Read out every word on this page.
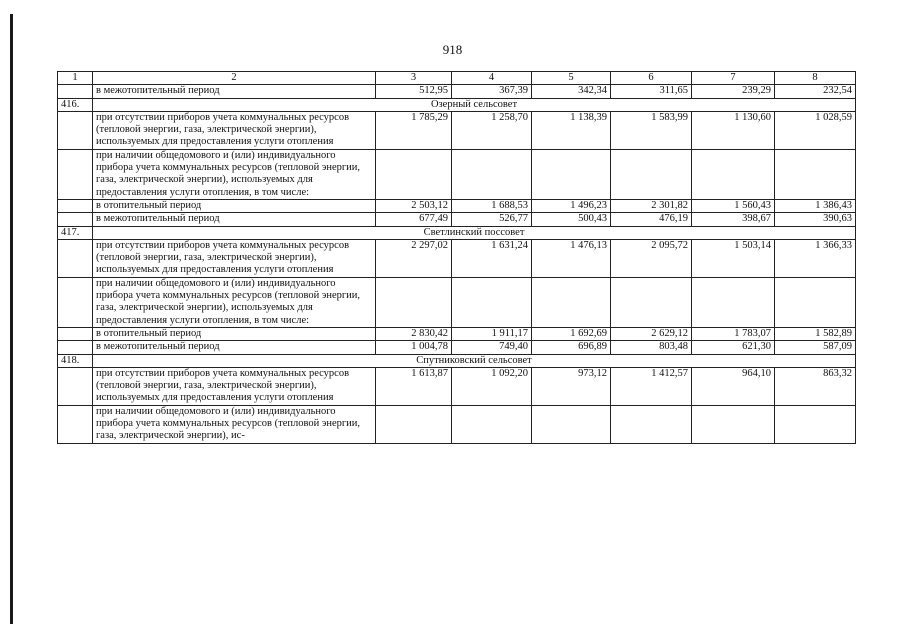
918
1	2	3	4	5	6	7	8
	в межотопительный период	512,95	367,39	342,34	311,65	239,29	232,54
416.	Озерный сельсовет						
	при отсутствии приборов учета коммунальных ресурсов (тепловой энергии, газа, электрической энергии), используемых для предоставления услуги отопления	1 785,29	1 258,70	1 138,39	1 583,99	1 130,60	1 028,59
	при наличии общедомового и (или) индивидуального прибора учета коммунальных ресурсов (тепловой энергии, газа, электрической энергии), используемых для предоставления услуги отопления, в том числе:						
	в отопительный период	2 503,12	1 688,53	1 496,23	2 301,82	1 560,43	1 386,43
	в межотопительный период	677,49	526,77	500,43	476,19	398,67	390,63
417.	Светлинский поссовет						
	при отсутствии приборов учета коммунальных ресурсов (тепловой энергии, газа, электрической энергии), используемых для предоставления услуги отопления	2 297,02	1 631,24	1 476,13	2 095,72	1 503,14	1 366,33
	при наличии общедомового и (или) индивидуального прибора учета коммунальных ресурсов (тепловой энергии, газа, электрической энергии), используемых для предоставления услуги отопления, в том числе:						
	в отопительный период	2 830,42	1 911,17	1 692,69	2 629,12	1 783,07	1 582,89
	в межотопительный период	1 004,78	749,40	696,89	803,48	621,30	587,09
418.	Спутниковский сельсовет						
	при отсутствии приборов учета коммунальных ресурсов (тепловой энергии, газа, электрической энергии), используемых для предоставления услуги отопления	1 613,87	1 092,20	973,12	1 412,57	964,10	863,32
	при наличии общедомового и (или) индивидуального прибора учета коммунальных ресурсов (тепловой энергии, газа, электрической энергии), ис-						
